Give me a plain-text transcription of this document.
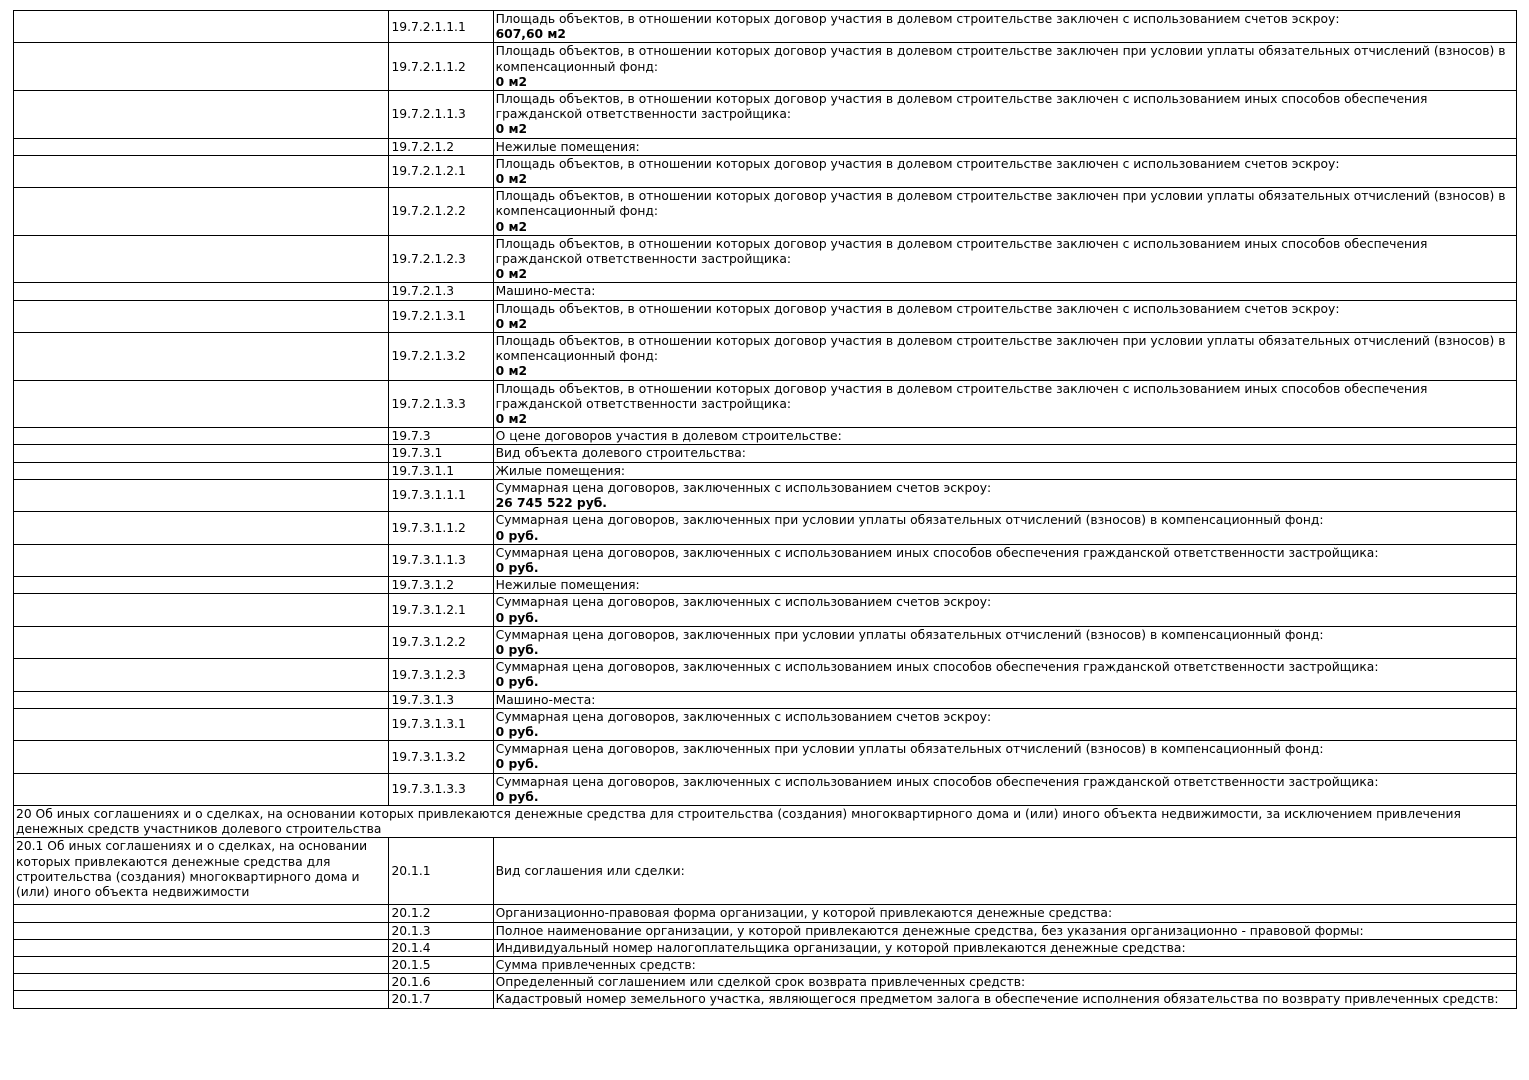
	19.7.2.1.1.1	Площадь объектов, в отношении которых договор участия в долевом строительстве заключен с использованием счетов эскроу:
607,60 м2

	19.7.2.1.1.2	Площадь объектов, в отношении которых договор участия в долевом строительстве заключен при условии уплаты обязательных отчислений (взносов) в компенсационный фонд:
0 м2

	19.7.2.1.1.3	Площадь объектов, в отношении которых договор участия в долевом строительстве заключен с использованием иных способов обеспечения гражданской ответственности застройщика:
0 м2

	19.7.2.1.2	Нежилые помещения:

	19.7.2.1.2.1	Площадь объектов, в отношении которых договор участия в долевом строительстве заключен с использованием счетов эскроу:
0 м2

	19.7.2.1.2.2	Площадь объектов, в отношении которых договор участия в долевом строительстве заключен при условии уплаты обязательных отчислений (взносов) в компенсационный фонд:
0 м2

	19.7.2.1.2.3	Площадь объектов, в отношении которых договор участия в долевом строительстве заключен с использованием иных способов обеспечения гражданской ответственности застройщика:
0 м2

	19.7.2.1.3	Машино-места:

	19.7.2.1.3.1	Площадь объектов, в отношении которых договор участия в долевом строительстве заключен с использованием счетов эскроу:
0 м2

	19.7.2.1.3.2	Площадь объектов, в отношении которых договор участия в долевом строительстве заключен при условии уплаты обязательных отчислений (взносов) в компенсационный фонд:
0 м2

	19.7.2.1.3.3	Площадь объектов, в отношении которых договор участия в долевом строительстве заключен с использованием иных способов обеспечения гражданской ответственности застройщика:
0 м2

	19.7.3	О цене договоров участия в долевом строительстве:

	19.7.3.1	Вид объекта долевого строительства:

	19.7.3.1.1	Жилые помещения:

	19.7.3.1.1.1	Суммарная цена договоров, заключенных с использованием счетов эскроу:
26 745 522 руб.

	19.7.3.1.1.2	Суммарная цена договоров, заключенных при условии уплаты обязательных отчислений (взносов) в компенсационный фонд:
0 руб.

	19.7.3.1.1.3	Суммарная цена договоров, заключенных с использованием иных способов обеспечения гражданской ответственности застройщика:
0 руб.

	19.7.3.1.2	Нежилые помещения:

	19.7.3.1.2.1	Суммарная цена договоров, заключенных с использованием счетов эскроу:
0 руб.

	19.7.3.1.2.2	Суммарная цена договоров, заключенных при условии уплаты обязательных отчислений (взносов) в компенсационный фонд:
0 руб.

	19.7.3.1.2.3	Суммарная цена договоров, заключенных с использованием иных способов обеспечения гражданской ответственности застройщика:
0 руб.

	19.7.3.1.3	Машино-места:

	19.7.3.1.3.1	Суммарная цена договоров, заключенных с использованием счетов эскроу:
0 руб.

	19.7.3.1.3.2	Суммарная цена договоров, заключенных при условии уплаты обязательных отчислений (взносов) в компенсационный фонд:
0 руб.

	19.7.3.1.3.3	Суммарная цена договоров, заключенных с использованием иных способов обеспечения гражданской ответственности застройщика:
0 руб.

20 Об иных соглашениях и о сделках, на основании которых привлекаются денежные средства для строительства (создания) многоквартирного дома и (или) иного объекта недвижимости, за исключением привлечения денежных средств участников долевого строительства		
20.1 Об иных соглашениях и о сделках, на основании которых привлекаются денежные средства для строительства (создания) многоквартирного дома и (или) иного объекта недвижимости	20.1.1	Вид соглашения или сделки:
	20.1.2	Организационно-правовая форма организации, у которой привлекаются денежные средства:
	20.1.3	Полное наименование организации, у которой привлекаются денежные средства, без указания организационно - правовой формы:
	20.1.4	Индивидуальный номер налогоплательщика организации, у которой привлекаются денежные средства:
	20.1.5	Сумма привлеченных средств:
	20.1.6	Определенный соглашением или сделкой срок возврата привлеченных средств:
	20.1.7	Кадастровый номер земельного участка, являющегося предметом залога в обеспечение исполнения обязательства по возврату привлеченных средств:
